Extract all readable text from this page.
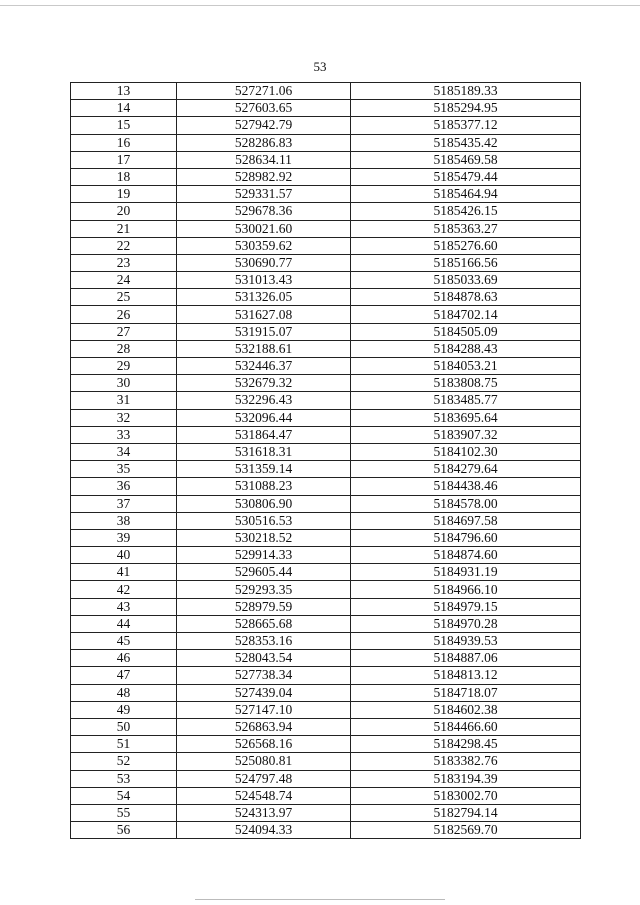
53
13	527271.06	5185189.33
14	527603.65	5185294.95
15	527942.79	5185377.12
16	528286.83	5185435.42
17	528634.11	5185469.58
18	528982.92	5185479.44
19	529331.57	5185464.94
20	529678.36	5185426.15
21	530021.60	5185363.27
22	530359.62	5185276.60
23	530690.77	5185166.56
24	531013.43	5185033.69
25	531326.05	5184878.63
26	531627.08	5184702.14
27	531915.07	5184505.09
28	532188.61	5184288.43
29	532446.37	5184053.21
30	532679.32	5183808.75
31	532296.43	5183485.77
32	532096.44	5183695.64
33	531864.47	5183907.32
34	531618.31	5184102.30
35	531359.14	5184279.64
36	531088.23	5184438.46
37	530806.90	5184578.00
38	530516.53	5184697.58
39	530218.52	5184796.60
40	529914.33	5184874.60
41	529605.44	5184931.19
42	529293.35	5184966.10
43	528979.59	5184979.15
44	528665.68	5184970.28
45	528353.16	5184939.53
46	528043.54	5184887.06
47	527738.34	5184813.12
48	527439.04	5184718.07
49	527147.10	5184602.38
50	526863.94	5184466.60
51	526568.16	5184298.45
52	525080.81	5183382.76
53	524797.48	5183194.39
54	524548.74	5183002.70
55	524313.97	5182794.14
56	524094.33	5182569.70
